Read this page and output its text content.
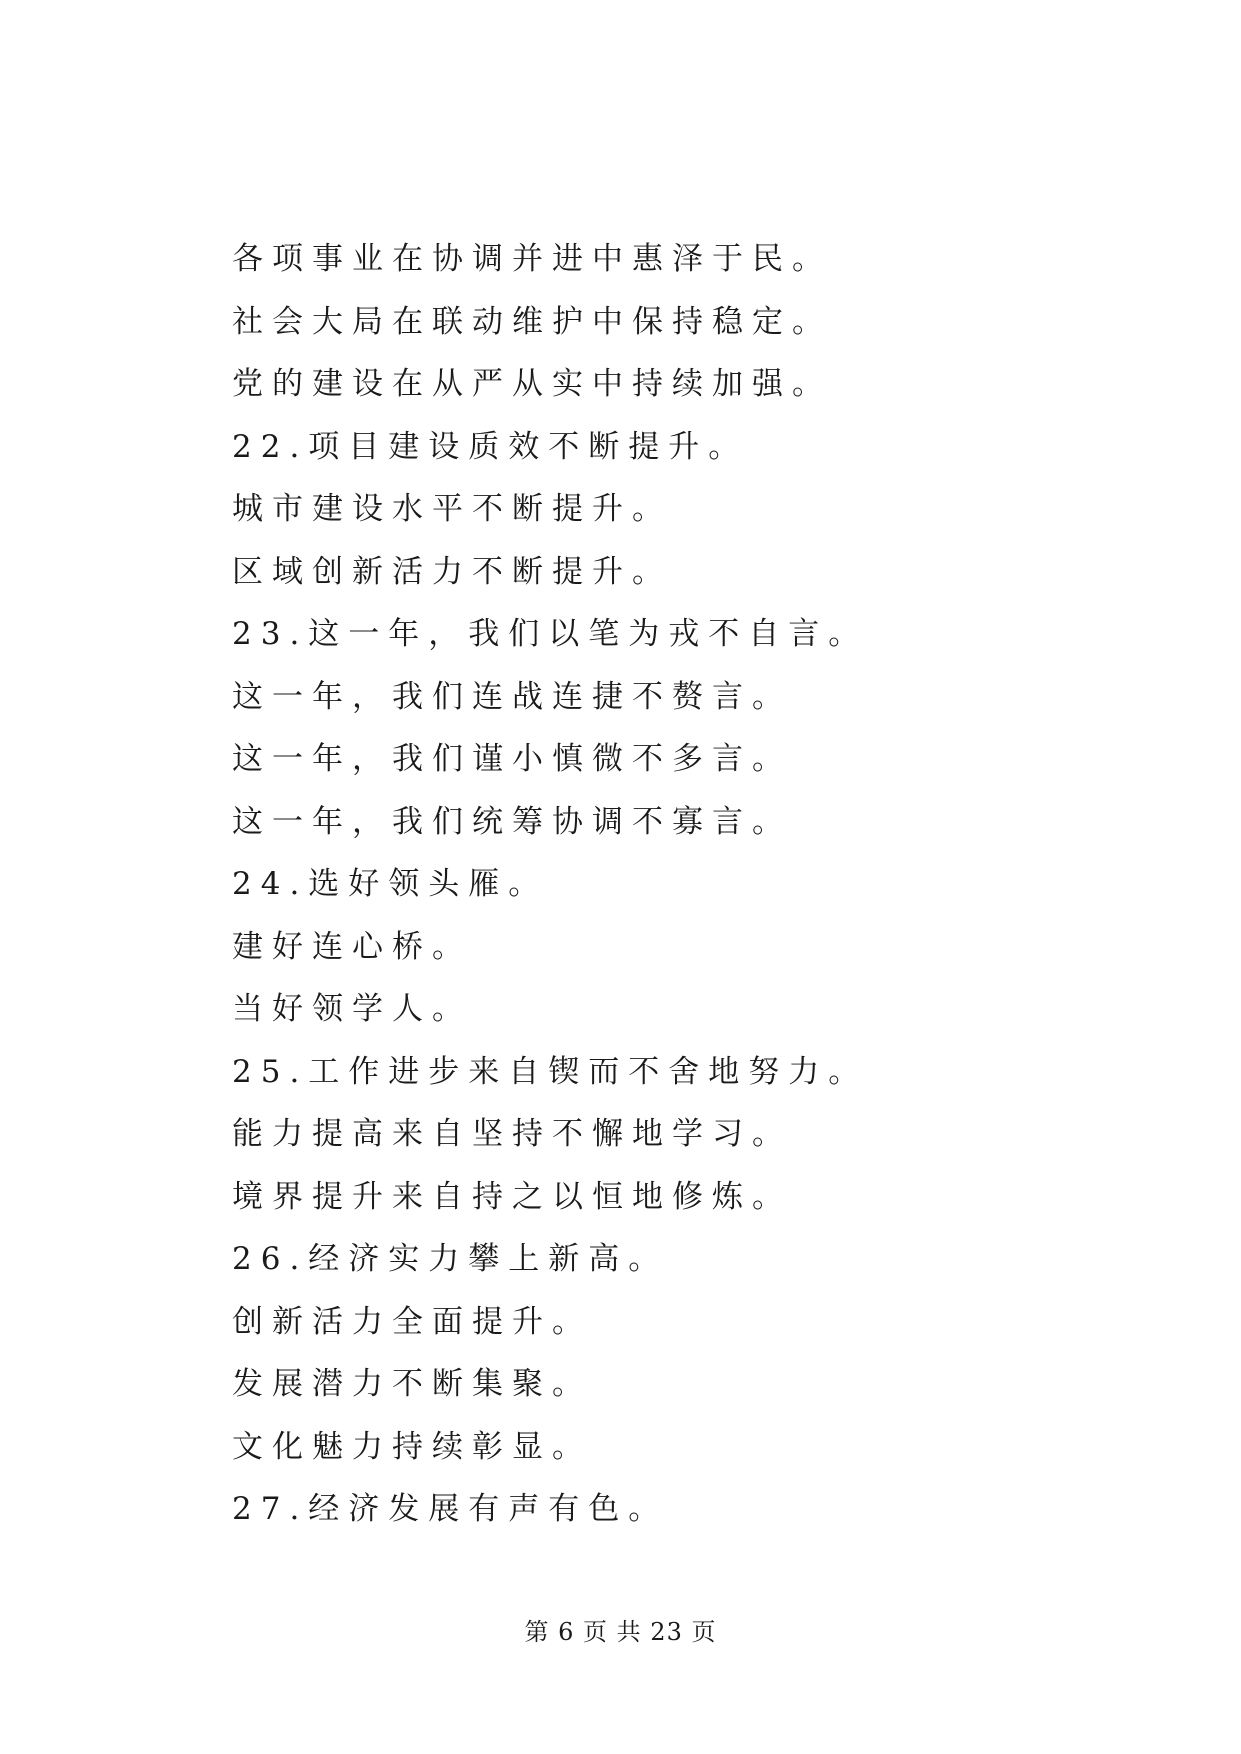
各项事业在协调并进中惠泽于民。
社会大局在联动维护中保持稳定。
党的建设在从严从实中持续加强。
22.项目建设质效不断提升。
城市建设水平不断提升。
区域创新活力不断提升。
23.这一年，我们以笔为戎不自言。
这一年，我们连战连捷不赘言。
这一年，我们谨小慎微不多言。
这一年，我们统筹协调不寡言。
24.选好领头雁。
建好连心桥。
当好领学人。
25.工作进步来自锲而不舍地努力。
能力提高来自坚持不懈地学习。
境界提升来自持之以恒地修炼。
26.经济实力攀上新高。
创新活力全面提升。
发展潜力不断集聚。
文化魅力持续彰显。
27.经济发展有声有色。
第 6 页 共 23 页
